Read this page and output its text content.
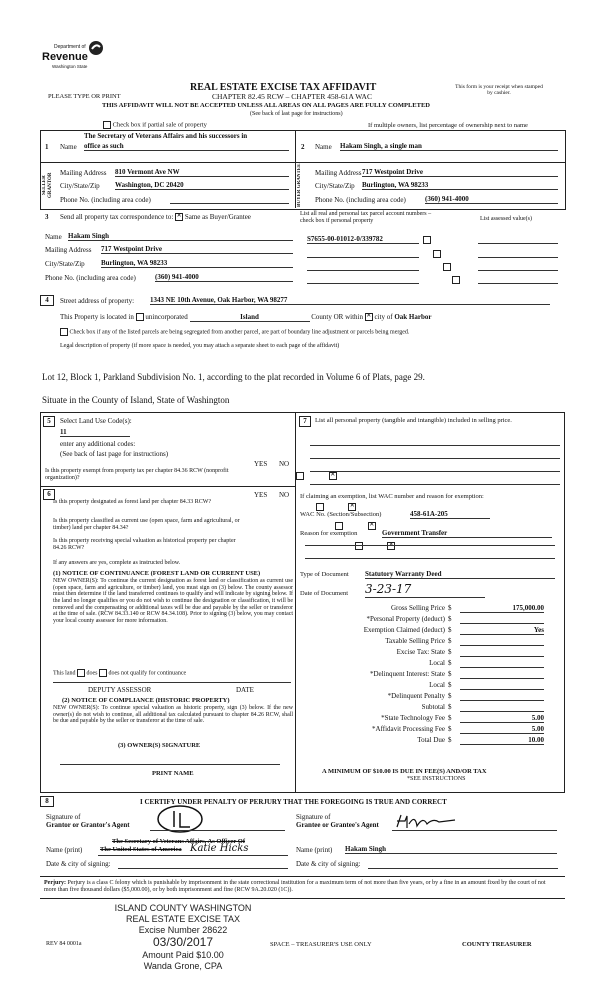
Department of
Revenue
Washington State
REAL ESTATE EXCISE TAX AFFIDAVIT
CHAPTER 82.45 RCW – CHAPTER 458-61A WAC
This form is your receipt when stamped by cashier.
PLEASE TYPE OR PRINT
THIS AFFIDAVIT WILL NOT BE ACCEPTED UNLESS ALL AREAS ON ALL PAGES ARE FULLY COMPLETED
(See back of last page for instructions)
Check box if partial sale of property	If multiple owners, list percentage of ownership next to name
1
SELLER GRANTOR
The Secretary of Veterans Affairs and his successors in
Name office as such
Mailing Address 810 Vermont Ave NW
City/State/Zip Washington, DC 20420
Phone No. (including area code)
2
BUYER GRANTEE
Name Hakam Singh, a single man
Mailing Address 717 Westpoint Drive
City/State/Zip Burlington, WA 98233
Phone No. (including area code)	(360) 941-4000
3 Send all property tax correspondence to: ✕ Same as Buyer/Grantee
Name Hakam Singh
Mailing Address 717 Westpoint Drive
City/State/Zip Burlington, WA 98233
Phone No. (including area code)	(360) 941-4000
List all real and personal tax parcel account numbers – check box if personal property	List assessed value(s)
S7655-00-01012-0/339782

4	Street address of property: 1343 NE 10th Avenue, Oak Harbor, WA 98277
This Property is located in unincorporated	Island	County OR within ✕ city of Oak Harbor
Check box if any of the listed parcels are being segregated from another parcel, are part of boundary line adjustment or parcels being merged.
Legal description of property (if more space is needed, you may attach a separate sheet to each page of the affidavit)
Lot 12, Block 1, Parkland Subdivision No. 1, according to the plat recorded in Volume 6 of Plats, page 29.
Situate in the County of Island, State of Washington
5	Select Land Use Code(s):
11
enter any additional codes:
(See back of last page for instructions)
YES NO
Is this property exempt from property tax per chapter 84.36 RCW (nonprofit organization)?
✕
6	YES NO
Is this property designated as forest land per chapter 84.33 RCW?
✕
Is this property classified as current use (open space, farm and agricultural, or timber) land per chapter 84.34?
✕
Is this property receiving special valuation as historical property per chapter 84.26 RCW?
✕
If any answers are yes, complete as instructed below.
(1) NOTICE OF CONTINUANCE (FOREST LAND OR CURRENT USE)
NEW OWNER(S): To continue the current designation as forest land or classification as current use (open space, farm and agriculture, or timber) land, you must sign on (3) below. The county assessor must then determine if the land transferred continues to qualify and will indicate by signing below. If the land no longer qualifies or you do not wish to continue the designation or classification, it will be removed and the compensating or additional taxes will be due and payable by the seller or transferor at the time of sale. (RCW 84.33.140 or RCW 84.34.108). Prior to signing (3) below, you may contact your local county assessor for more information.
This land does does not qualify for continuance
DEPUTY ASSESSOR	DATE
(2) NOTICE OF COMPLIANCE (HISTORIC PROPERTY)
NEW OWNER(S): To continue special valuation as historic property, sign (3) below. If the new owner(s) do not wish to continue, all additional tax calculated pursuant to chapter 84.26 RCW, shall be due and payable by the seller or transferor at the time of sale.
(3) OWNER(S) SIGNATURE
PRINT NAME
7	List all personal property (tangible and intangible) included in selling price.
If claiming an exemption, list WAC number and reason for exemption:
WAC No. (Section/Subsection)	458-61A-205
Reason for exemption	Government Transfer
Type of Document Statutory Warranty Deed
Date of Document 3-23-17
Gross Selling Price $	175,000.00
*Personal Property (deduct) $
Exemption Claimed (deduct) $	Yes
Taxable Selling Price $
Excise Tax: State $
Local $
*Delinquent Interest: State $
Local $
*Delinquent Penalty $
Subtotal $
*State Technology Fee $	5.00
*Affidavit Processing Fee $	5.00
Total Due $	10.00
A MINIMUM OF $10.00 IS DUE IN FEE(S) AND/OR TAX
*SEE INSTRUCTIONS
8	I CERTIFY UNDER PENALTY OF PERJURY THAT THE FOREGOING IS TRUE AND CORRECT
Signature of
Grantor or Grantor's Agent
Signature of
Grantee or Grantee's Agent
Name (print)
The Secretary of Veterans Affairs, As Officer Of
The United States of America Katie Hicks	Name (print) Hakam Singh
Date & city of signing:	Date & city of signing:
Perjury: Perjury is a class C felony which is punishable by imprisonment in the state correctional institution for a maximum term of not more than five years, or by a fine in an amount fixed by the court of not more than five thousand dollars ($5,000.00), or by both imprisonment and fine (RCW 9A.20.020 (1C)).
ISLAND COUNTY WASHINGTON
REAL ESTATE EXCISE TAX
Excise Number 28622
03/30/2017
Amount Paid $10.00
Wanda Grone, CPA
REV 84 0001a	SPACE – TREASURER'S USE ONLY	COUNTY TREASURER
